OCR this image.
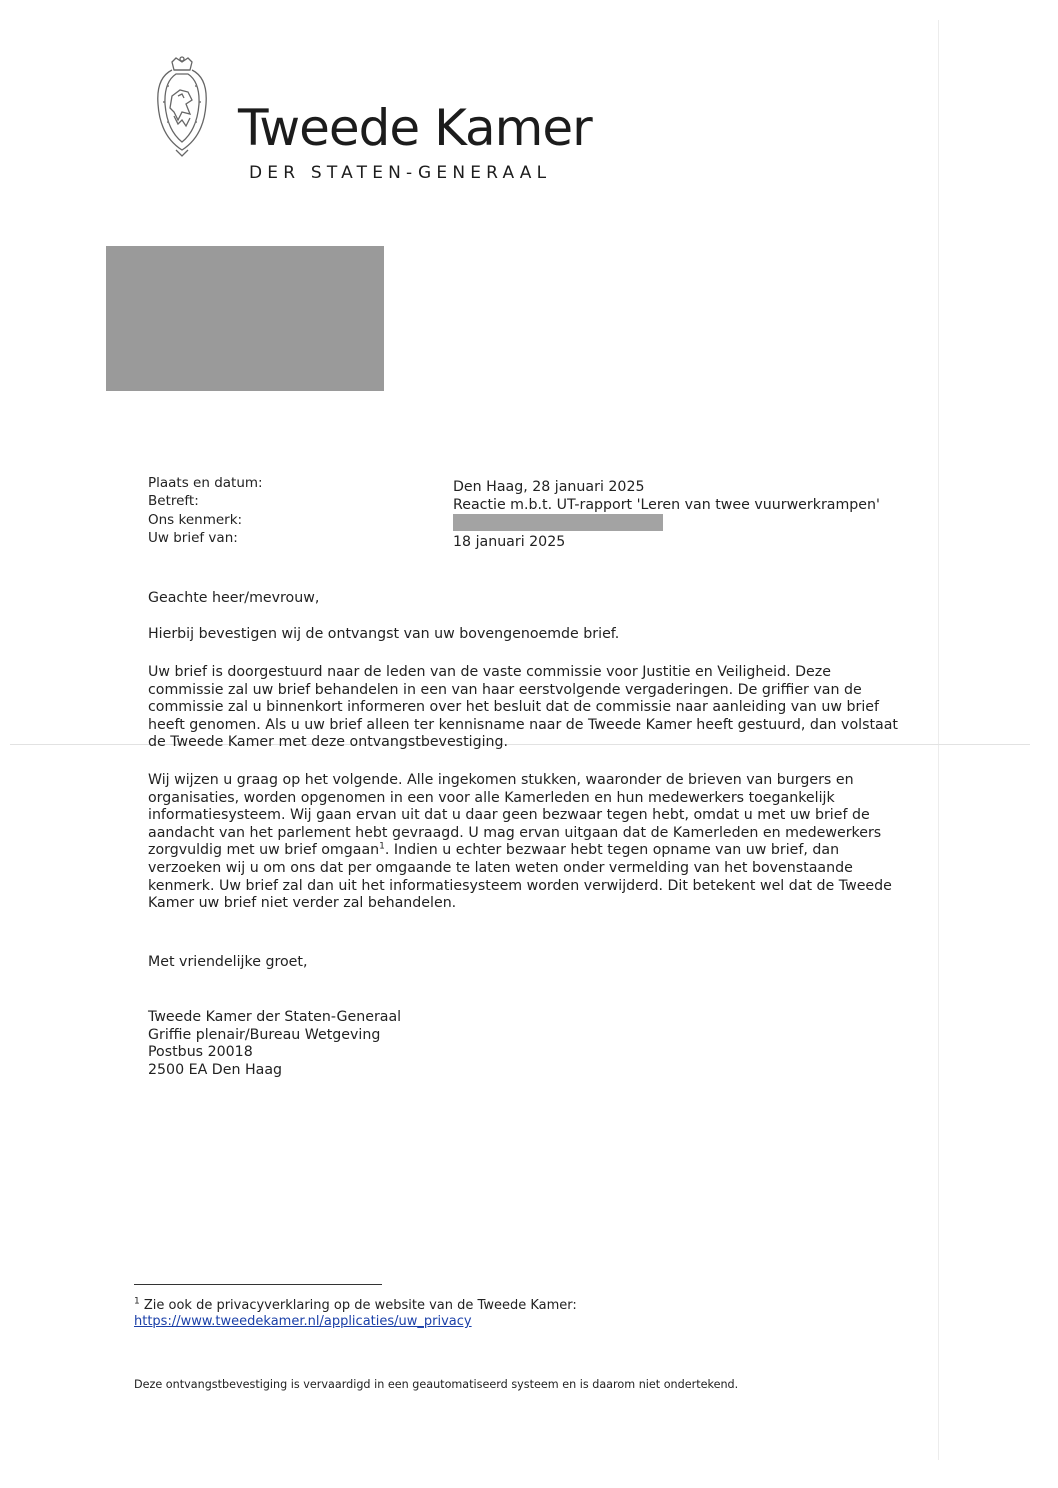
Tweede Kamer
DER STATEN-GENERAAL
Plaats en datum:
Betreft:
Ons kenmerk:
Uw brief van:
Den Haag, 28 januari 2025
Reactie m.b.t. UT-rapport 'Leren van twee vuurwerkrampen'
18 januari 2025
Geachte heer/mevrouw,
Hierbij bevestigen wij de ontvangst van uw bovengenoemde brief.
Uw brief is doorgestuurd naar de leden van de vaste commissie voor Justitie en Veiligheid. Deze
commissie zal uw brief behandelen in een van haar eerstvolgende vergaderingen. De griffier van de
commissie zal u binnenkort informeren over het besluit dat de commissie naar aanleiding van uw brief
heeft genomen. Als u uw brief alleen ter kennisname naar de Tweede Kamer heeft gestuurd, dan volstaat
de Tweede Kamer met deze ontvangstbevestiging.
Wij wijzen u graag op het volgende. Alle ingekomen stukken, waaronder de brieven van burgers en
organisaties, worden opgenomen in een voor alle Kamerleden en hun medewerkers toegankelijk
informatiesysteem. Wij gaan ervan uit dat u daar geen bezwaar tegen hebt, omdat u met uw brief de
aandacht van het parlement hebt gevraagd. U mag ervan uitgaan dat de Kamerleden en medewerkers
zorgvuldig met uw brief omgaan$^1$. Indien u echter bezwaar hebt tegen opname van uw brief, dan
verzoeken wij u om ons dat per omgaande te laten weten onder vermelding van het bovenstaande
kenmerk. Uw brief zal dan uit het informatiesysteem worden verwijderd. Dit betekent wel dat de Tweede
Kamer uw brief niet verder zal behandelen.
Met vriendelijke groet,
Tweede Kamer der Staten-Generaal
Griffie plenair/Bureau Wetgeving
Postbus 20018
2500 EA Den Haag
$^1$ Zie ook de privacyverklaring op de website van de Tweede Kamer:
https://www.tweedekamer.nl/applicaties/uw_privacy
Deze ontvangstbevestiging is vervaardigd in een geautomatiseerd systeem en is daarom niet ondertekend.
